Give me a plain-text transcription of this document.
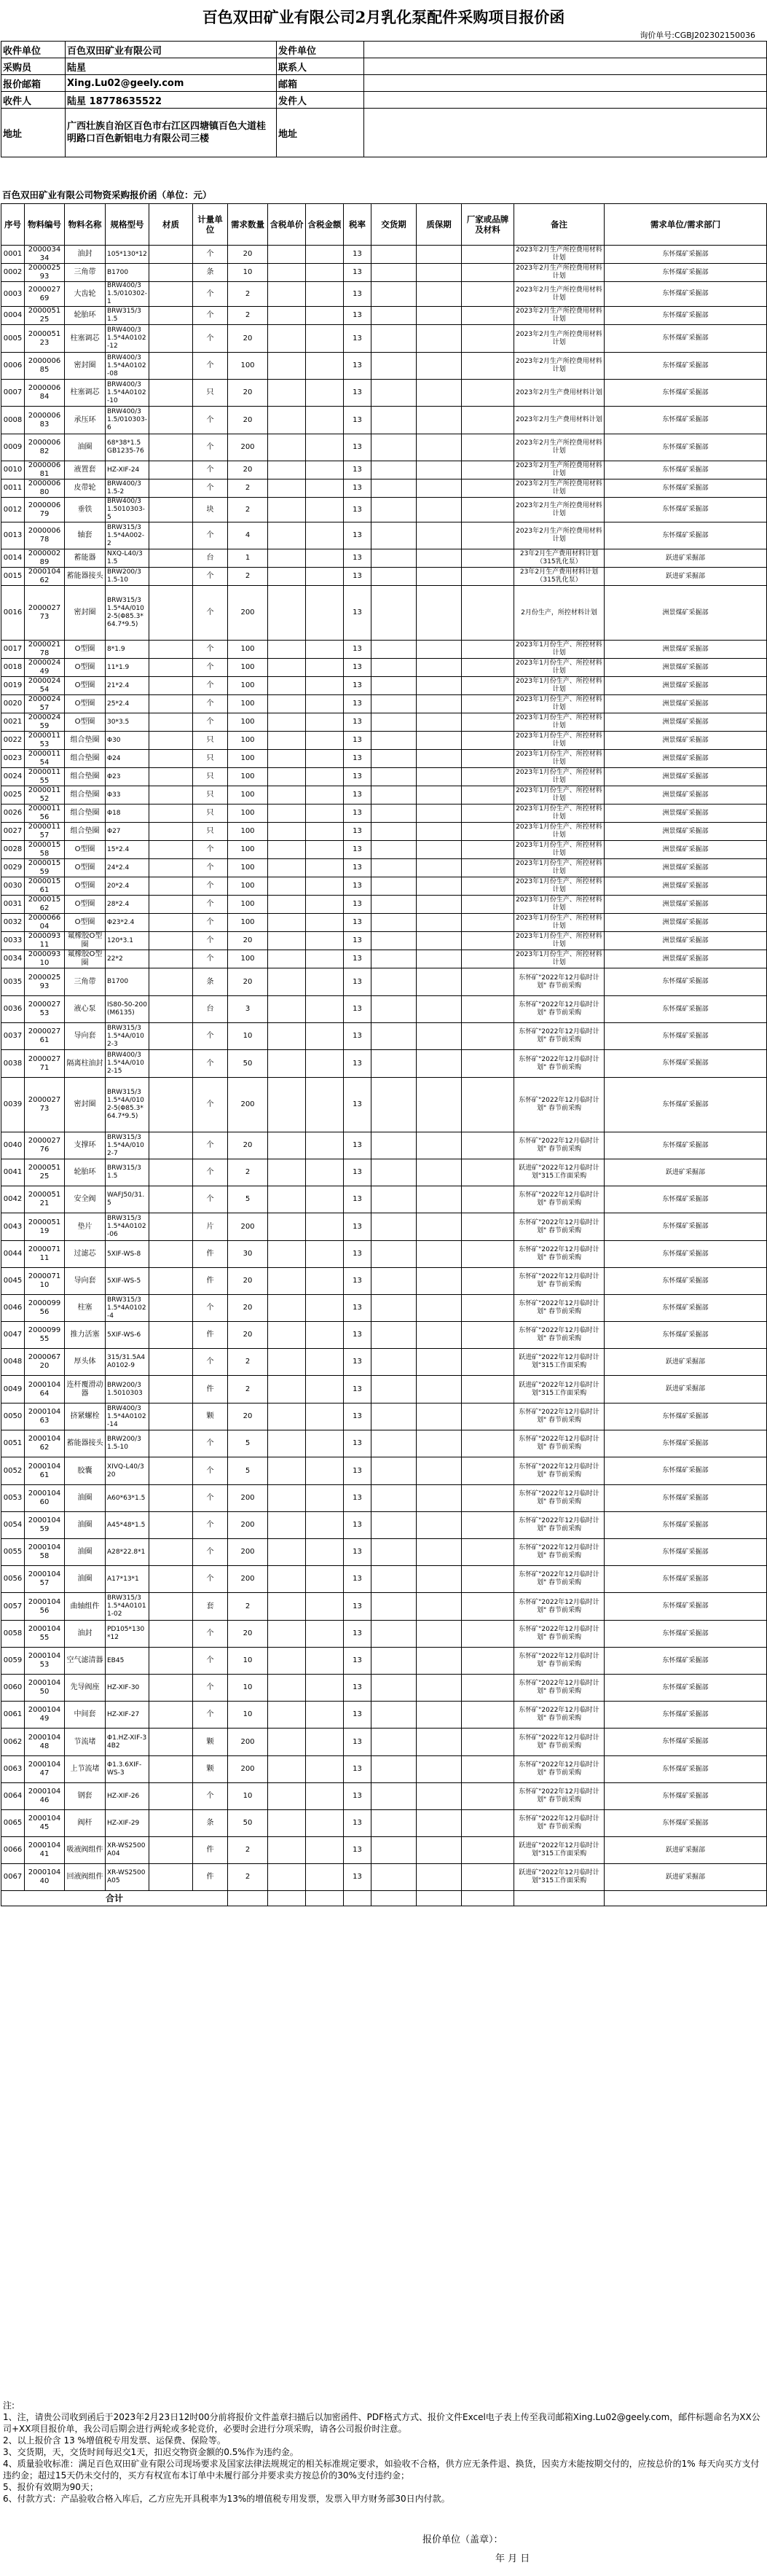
百色双田矿业有限公司2月乳化泵配件采购项目报价函
询价单号:CGBJ202302150036
收件单位	百色双田矿业有限公司	发件单位	
采购员	陆星	联系人	
报价邮箱	Xing.Lu02@geely.com	邮箱	
收件人	陆星 18778635522	发件人	
地址	广西壮族自治区百色市右江区四塘镇百色大道桂明路口百色新铝电力有限公司三楼	地址	
百色双田矿业有限公司物资采购报价函（单位：元）
序号	物料编号	物料名称	规格型号	材质	计量单位	需求数量	含税单价	含税金额	税率	交货期	质保期	厂家或品牌及材料	备注	需求单位/需求部门
0001	200003434	油封	105*130*12		个	20			13				2023年2月生产所控费用材料计划	东怀煤矿采掘部
0002	200002593	三角带	B1700		条	10			13				2023年2月生产所控费用材料计划	东怀煤矿采掘部
0003	200002769	大齿轮	BRW400/31.5/010302-1		个	2			13				2023年2月生产所控费用材料计划	东怀煤矿采掘部
0004	200005125	轮胎环	BRW315/31.5		个	2			13				2023年2月生产所控费用材料计划	东怀煤矿采掘部
0005	200005123	柱塞调芯	BRW400/31.5*4A0102-12		个	20			13				2023年2月生产所控费用材料计划	东怀煤矿采掘部
0006	200000685	密封圈	BRW400/31.5*4A0102-08		个	100			13				2023年2月生产所控费用材料计划	东怀煤矿采掘部
0007	200000684	柱塞调芯	BRW400/31.5*4A0102-10		只	20			13				2023年2月生产费用材料计划	东怀煤矿采掘部
0008	200000683	承压环	BRW400/31.5/010303-6		个	20			13				2023年2月生产费用材料计划	东怀煤矿采掘部
0009	200000682	油圈	68*38*1.5 GB1235-76		个	200			13				2023年2月生产所控费用材料计划	东怀煤矿采掘部
0010	200000681	液置套	HZ-XIF-24		个	20			13				2023年2月生产所控费用材料计划	东怀煤矿采掘部
0011	200000680	皮带轮	BRW400/31.5-2		个	2			13				2023年2月生产所控费用材料计划	东怀煤矿采掘部
0012	200000679	垂铁	BRW400/31.5010303-5		块	2			13				2023年2月生产所控费用材料计划	东怀煤矿采掘部
0013	200000678	轴套	BRW315/31.5*4A002-2		个	4			13				2023年2月生产所控费用材料计划	东怀煤矿采掘部
0014	200000289	蓄能器	NXQ-L40/31.5		台	1			13				23年2月生产费用材料计划（315乳化泵）	跃进矿采掘部
0015	200010462	蓄能器接头	BRW200/31.5-10		个	2			13				23年2月生产费用材料计划（315乳化泵）	跃进矿采掘部
0016	200002773	密封圈	BRW315/31.5*4A/0102-5(Φ85.3*64.7*9.5)		个	200			13				2月份生产，所控材料计划	洲景煤矿采掘部
0017	200002178	O型圈	8*1.9		个	100			13				2023年1月份生产、所控材料计划	洲景煤矿采掘部
0018	200002449	O型圈	11*1.9		个	100			13				2023年1月份生产、所控材料计划	洲景煤矿采掘部
0019	200002454	O型圈	21*2.4		个	100			13				2023年1月份生产、所控材料计划	洲景煤矿采掘部
0020	200002457	O型圈	25*2.4		个	100			13				2023年1月份生产、所控材料计划	洲景煤矿采掘部
0021	200002459	O型圈	30*3.5		个	100			13				2023年1月份生产、所控材料计划	洲景煤矿采掘部
0022	200001153	组合垫圈	Φ30		只	100			13				2023年1月份生产、所控材料计划	洲景煤矿采掘部
0023	200001154	组合垫圈	Φ24		只	100			13				2023年1月份生产、所控材料计划	洲景煤矿采掘部
0024	200001155	组合垫圈	Φ23		只	100			13				2023年1月份生产、所控材料计划	洲景煤矿采掘部
0025	200001152	组合垫圈	Φ33		只	100			13				2023年1月份生产、所控材料计划	洲景煤矿采掘部
0026	200001156	组合垫圈	Φ18		只	100			13				2023年1月份生产、所控材料计划	洲景煤矿采掘部
0027	200001157	组合垫圈	Φ27		只	100			13				2023年1月份生产、所控材料计划	洲景煤矿采掘部
0028	200001558	O型圈	15*2.4		个	100			13				2023年1月份生产、所控材料计划	洲景煤矿采掘部
0029	200001559	O型圈	24*2.4		个	100			13				2023年1月份生产、所控材料计划	洲景煤矿采掘部
0030	200001561	O型圈	20*2.4		个	100			13				2023年1月份生产、所控材料计划	洲景煤矿采掘部
0031	200001562	O型圈	28*2.4		个	100			13				2023年1月份生产、所控材料计划	洲景煤矿采掘部
0032	200006604	O型圈	Φ23*2.4		个	100			13				2023年1月份生产、所控材料计划	洲景煤矿采掘部
0033	200009311	氟橡胶O型圈	120*3.1		个	20			13				2023年1月份生产、所控材料计划	洲景煤矿采掘部
0034	200009310	氟橡胶O型圈	22*2		个	100			13				2023年1月份生产、所控材料计划	洲景煤矿采掘部
0035	200002593	三角带	B1700		条	20			13				东怀矿"2022年12月临时计划" 春节前采购	东怀煤矿采掘部
0036	200002753	液心泵	IS80-50-200(M6135)		台	3			13				东怀矿"2022年12月临时计划" 春节前采购	东怀煤矿采掘部
0037	200002761	导向套	BRW315/31.5*4A/0102-3		个	10			13				东怀矿"2022年12月临时计划" 春节前采购	东怀煤矿采掘部
0038	200002771	隔离柱油封	BRW400/31.5*4A/0102-15		个	50			13				东怀矿"2022年12月临时计划" 春节前采购	东怀煤矿采掘部
0039	200002773	密封圈	BRW315/31.5*4A/0102-5(Φ85.3*64.7*9.5)		个	200			13				东怀矿"2022年12月临时计划" 春节前采购	东怀煤矿采掘部
0040	200002776	支撑环	BRW315/31.5*4A/0102-7		个	20			13				东怀矿"2022年12月临时计划" 春节前采购	东怀煤矿采掘部
0041	200005125	轮胎环	BRW315/31.5		个	2			13				跃进矿"2022年12月临时计划"315工作面采购	跃进矿采掘部
0042	200005121	安全阀	WAFJ50/31.5		个	5			13				东怀矿"2022年12月临时计划" 春节前采购	东怀煤矿采掘部
0043	200005119	垫片	BRW315/31.5*4A0102-06		片	200			13				东怀矿"2022年12月临时计划" 春节前采购	东怀煤矿采掘部
0044	200007111	过滤芯	5XIF-WS-8		件	30			13				东怀矿"2022年12月临时计划" 春节前采购	东怀煤矿采掘部
0045	200007110	导向套	5XIF-WS-5		件	20			13				东怀矿"2022年12月临时计划" 春节前采购	东怀煤矿采掘部
0046	200009956	柱塞	BRW315/31.5*4A0102-4		个	20			13				东怀矿"2022年12月临时计划" 春节前采购	东怀煤矿采掘部
0047	200009955	推力活塞	5XIF-WS-6		件	20			13				东怀矿"2022年12月临时计划" 春节前采购	东怀煤矿采掘部
0048	200006720	厚头体	315/31.5A4A0102-9		个	2			13				跃进矿"2022年12月临时计划"315工作面采购	跃进矿采掘部
0049	200010464	连杆覆滑动器	BRW200/31.5010303		件	2			13				跃进矿"2022年12月临时计划"315工作面采购	跃进矿采掘部
0050	200010463	挤紧螺栓	BRW400/31.5*4A0102-14		颗	20			13				东怀矿"2022年12月临时计划" 春节前采购	东怀煤矿采掘部
0051	200010462	蓄能器接头	BRW200/31.5-10		个	5			13				东怀矿"2022年12月临时计划" 春节前采购	东怀煤矿采掘部
0052	200010461	胶囊	XIVQ-L40/320		个	5			13				东怀矿"2022年12月临时计划" 春节前采购	东怀煤矿采掘部
0053	200010460	油圈	A60*63*1.5		个	200			13				东怀矿"2022年12月临时计划" 春节前采购	东怀煤矿采掘部
0054	200010459	油圈	A45*48*1.5		个	200			13				东怀矿"2022年12月临时计划" 春节前采购	东怀煤矿采掘部
0055	200010458	油圈	A28*22.8*1		个	200			13				东怀矿"2022年12月临时计划" 春节前采购	东怀煤矿采掘部
0056	200010457	油圈	A17*13*1		个	200			13				东怀矿"2022年12月临时计划" 春节前采购	东怀煤矿采掘部
0057	200010456	曲轴组件	BRW315/31.5*4A01011-02		套	2			13				东怀矿"2022年12月临时计划" 春节前采购	东怀煤矿采掘部
0058	200010455	油封	PD105*130*12		个	20			13				东怀矿"2022年12月临时计划" 春节前采购	东怀煤矿采掘部
0059	200010453	空气滤清器	EB45		个	10			13				东怀矿"2022年12月临时计划" 春节前采购	东怀煤矿采掘部
0060	200010450	先导阀座	HZ-XIF-30		个	10			13				东怀矿"2022年12月临时计划" 春节前采购	东怀煤矿采掘部
0061	200010449	中间套	HZ-XIF-27		个	10			13				东怀矿"2022年12月临时计划" 春节前采购	东怀煤矿采掘部
0062	200010448	节流堵	Φ1.HZ-XIF-34B2		颗	200			13				东怀矿"2022年12月临时计划" 春节前采购	东怀煤矿采掘部
0063	200010447	上节流堵	Φ1.3.6XIF-WS-3		颗	200			13				东怀矿"2022年12月临时计划" 春节前采购	东怀煤矿采掘部
0064	200010446	钢套	HZ-XIF-26		个	10			13				东怀矿"2022年12月临时计划" 春节前采购	东怀煤矿采掘部
0065	200010445	阀杆	HZ-XIF-29		条	50			13				东怀矿"2022年12月临时计划" 春节前采购	东怀煤矿采掘部
0066	200010441	吸液阀组件	XR-WS2500A04		件	2			13				跃进矿"2022年12月临时计划"315工作面采购	跃进矿采掘部
0067	200010440	回液阀组件	XR-WS2500A05		件	2			13				跃进矿"2022年12月临时计划"315工作面采购	跃进矿采掘部
合计														
注:
1、注，请贵公司收到函后于2023年2月23日12时00分前将报价文件盖章扫描后以加密函件、PDF格式方式、报价文件Excel电子表上传至我司邮箱Xing.Lu02@geely.com，邮件标题命名为XX公司+XX项目报价单，我公司后期会进行两轮或多轮竞价，必要时会进行分项采购，请各公司报价时注意。
2、以上报价含 13 %增值税专用发票、运保费、保险等。
3、交货期，天，交货时间每迟交1天，扣迟交物资金额的0.5%作为违约金。
4、质量验收标准：满足百色双田矿业有限公司现场要求及国家法律法规规定的相关标准规定要求，如验收不合格，供方应无条件退、换货，因卖方未能按期交付的，应按总价的1% 每天向买方支付违约金；超过15天仍未交付的，买方有权宣布本订单中未履行部分并要求卖方按总价的30%支付违约金；
5、报价有效期为90天；
6、付款方式：产品验收合格入库后，乙方应先开具税率为13%的增值税专用发票，发票入甲方财务部30日内付款。
报价单位（盖章）：
年 月 日
